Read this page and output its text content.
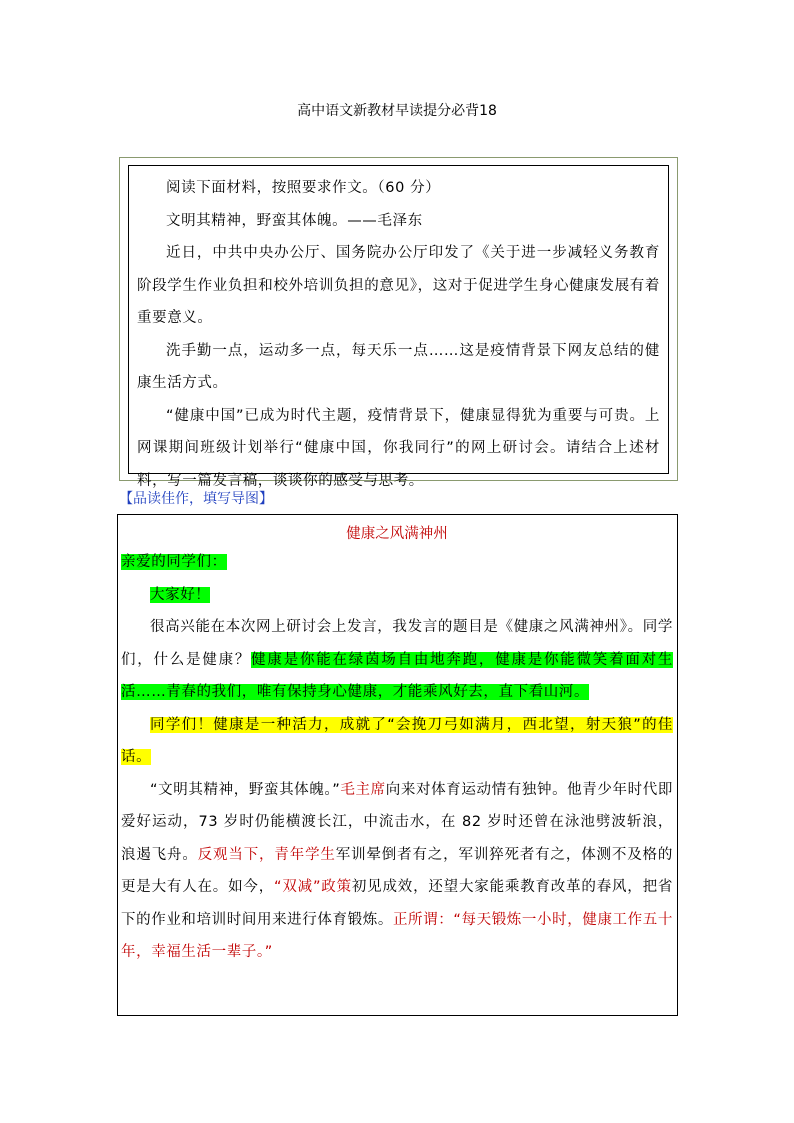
高中语文新教材早读提分必背18

阅读下面材料，按照要求作文。（60 分）

文明其精神，野蛮其体魄。——毛泽东

近日，中共中央办公厅、国务院办公厅印发了《关于进一步减轻义务教育阶段学生作业负担和校外培训负担的意见》，这对于促进学生身心健康发展有着重要意义。

洗手勤一点，运动多一点，每天乐一点……这是疫情背景下网友总结的健康生活方式。

“健康中国”已成为时代主题，疫情背景下，健康显得犹为重要与可贵。上网课期间班级计划举行“健康中国，你我同行”的网上研讨会。请结合上述材料，写一篇发言稿，谈谈你的感受与思考。

【品读佳作，填写导图】
健康之风满神州

亲爱的同学们：

大家好！

很高兴能在本次网上研讨会上发言，我发言的题目是《健康之风满神州》。同学们，什么是健康？健康是你能在绿茵场自由地奔跑，健康是你能微笑着面对生活……青春的我们，唯有保持身心健康，才能乘风好去，直下看山河。

同学们！健康是一种活力，成就了“会挽刀弓如满月，西北望，射天狼”的佳话。

“文明其精神，野蛮其体魄。”毛主席向来对体育运动情有独钟。他青少年时代即爱好运动，73 岁时仍能横渡长江，中流击水，在 82 岁时还曾在泳池劈波斩浪，浪遏飞舟。反观当下，青年学生军训晕倒者有之，军训猝死者有之，体测不及格的更是大有人在。如今，“双减”政策初见成效，还望大家能乘教育改革的春风，把省下的作业和培训时间用来进行体育锻炼。正所谓：“每天锻炼一小时，健康工作五十年，幸福生活一辈子。”
